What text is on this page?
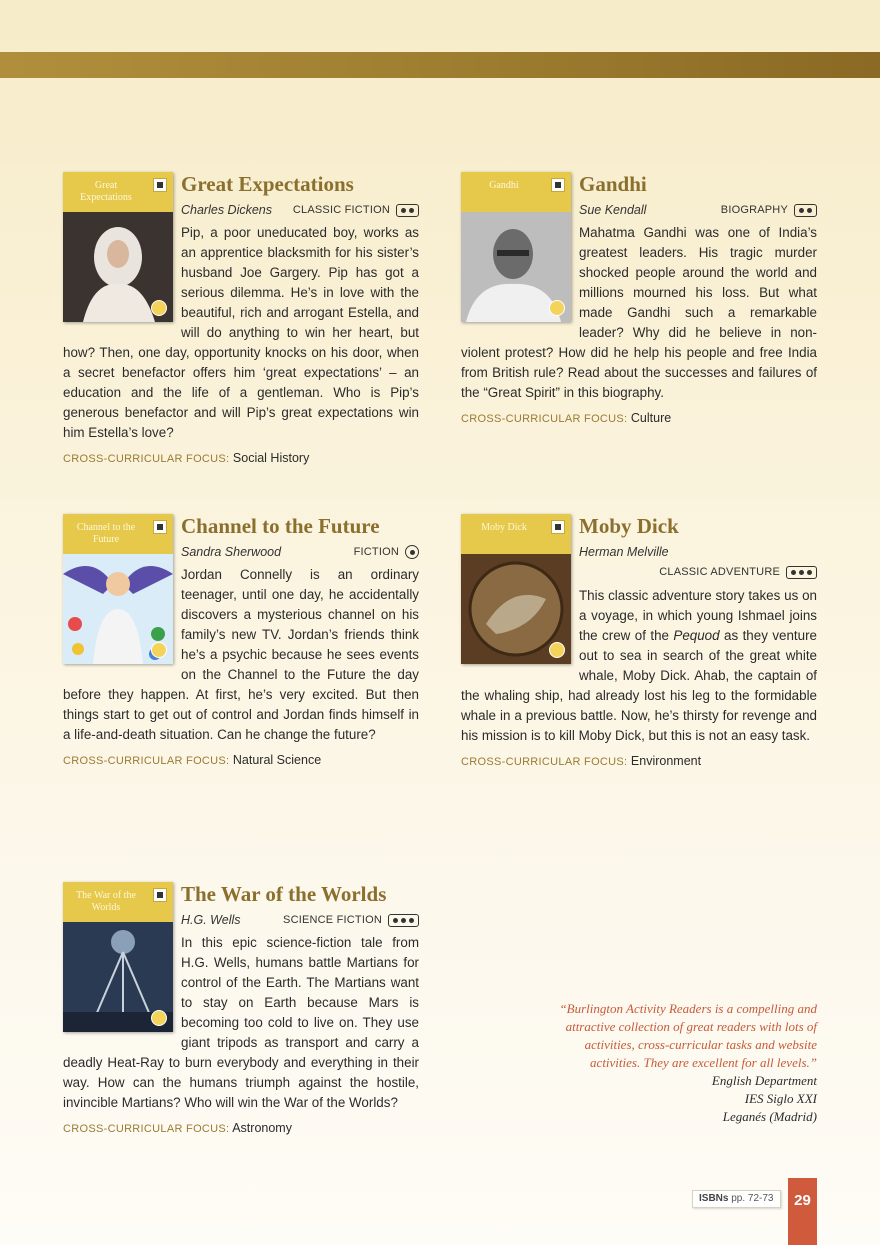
Great Expectations
Great Expectations
Charles Dickens CLASSIC FICTION
Pip, a poor uneducated boy, works as an apprentice blacksmith for his sister’s husband Joe Gargery. Pip has got a serious dilemma. He’s in love with the beautiful, rich and arrogant Estella, and will do anything to win her heart, but how? Then, one day, opportunity knocks on his door, when a secret benefactor offers him ‘great expectations’ – an education and the life of a gentleman. Who is Pip’s generous benefactor and will Pip’s great expectations win him Estella’s love?
CROSS-CURRICULAR FOCUS: Social History
Gandhi	Gandhi
Sue Kendall	BIOGRAPHY
Mahatma Gandhi was one of India’s greatest leaders. His tragic murder shocked people around the world and millions mourned his loss. But what made Gandhi such a remarkable leader? Why did he believe in non-violent protest? How did he help his people and free India from British rule? Read about the successes and failures of the “Great Spirit” in this biography.
CROSS-CURRICULAR FOCUS: Culture
Channel to the Future
Channel to the Future
Sandra Sherwood	FICTION
Jordan Connelly is an ordinary teenager, until one day, he accidentally discovers a mysterious channel on his family’s new TV. Jordan’s friends think he’s a psychic because he sees events on the Channel to the Future the day before they happen. At first, he’s very excited. But then things start to get out of control and Jordan finds himself in a life-and-death situation. Can he change the future?
CROSS-CURRICULAR FOCUS: Natural Science
Moby Dick	Moby Dick
Herman Melville
CLASSIC ADVENTURE
This classic adventure story takes us on a voyage, in which young Ishmael joins the crew of the Pequod as they venture out to sea in search of the great white whale, Moby Dick. Ahab, the captain of the whaling ship, had already lost his leg to the formidable whale in a previous battle. Now, he’s thirsty for revenge and his mission is to kill Moby Dick, but this is not an easy task.
CROSS-CURRICULAR FOCUS: Environment
The War of the Worlds
The War of the Worlds
H.G. Wells	SCIENCE FICTION
In this epic science-fiction tale from H.G. Wells, humans battle Martians for control of the Earth. The Martians want to stay on Earth because Mars is becoming too cold to live on. They use giant tripods as transport and carry a deadly Heat-Ray to burn everybody and everything in their way. How can the humans triumph against the hostile, invincible Martians? Who will win the War of the Worlds?
CROSS-CURRICULAR FOCUS: Astronomy
“Burlington Activity Readers is a compelling and attractive collection of great readers with lots of activities, cross-curricular tasks and website activities. They are excellent for all levels.”
English Department
IES Siglo XXI
Leganés (Madrid)
ISBNs pp. 72-73	29
